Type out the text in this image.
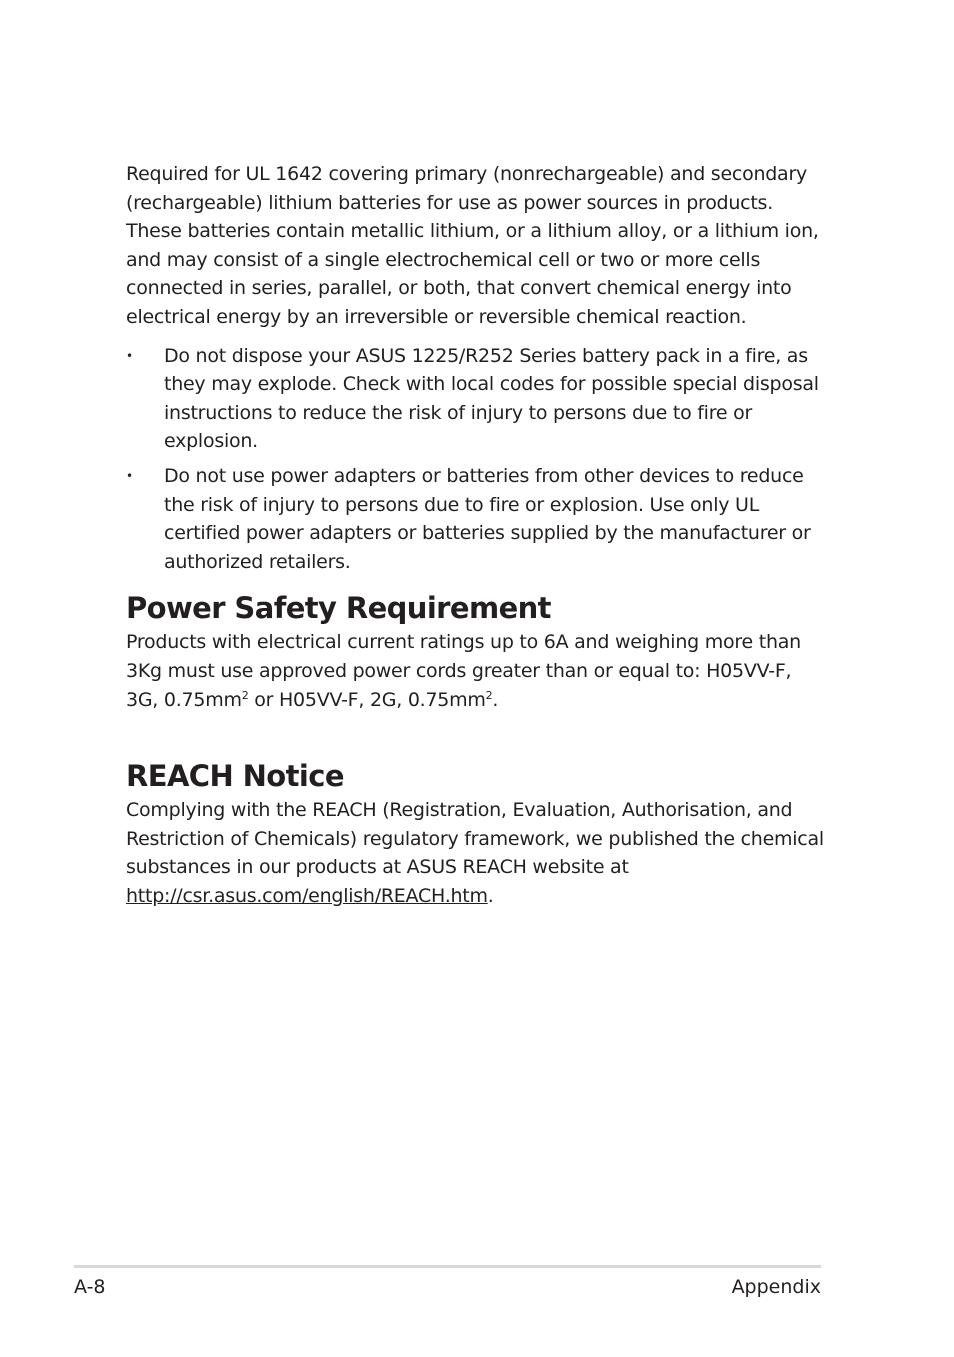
Required for UL 1642 covering primary (nonrechargeable) and secondary (rechargeable) lithium batteries for use as power sources in products. These batteries contain metallic lithium, or a lithium alloy, or a lithium ion, and may consist of a single electrochemical cell or two or more cells connected in series, parallel, or both, that convert chemical energy into electrical energy by an irreversible or reversible chemical reaction.

• Do not dispose your ASUS 1225/R252 Series battery pack in a fire, as they may explode. Check with local codes for possible special disposal instructions to reduce the risk of injury to persons due to fire or explosion.
• Do not use power adapters or batteries from other devices to reduce the risk of injury to persons due to fire or explosion. Use only UL certified power adapters or batteries supplied by the manufacturer or authorized retailers.
Power Safety Requirement

Products with electrical current ratings up to 6A and weighing more than 3Kg must use approved power cords greater than or equal to: H05VV-F, 3G, $0.75mm^2$ or H05VV-F, 2G, $0.75mm^2$.

REACH Notice

Complying with the REACH (Registration, Evaluation, Authorisation, and Restriction of Chemicals) regulatory framework, we published the chemical substances in our products at ASUS REACH website at http://csr.asus.com/english/REACH.htm.

A-8	Appendix
